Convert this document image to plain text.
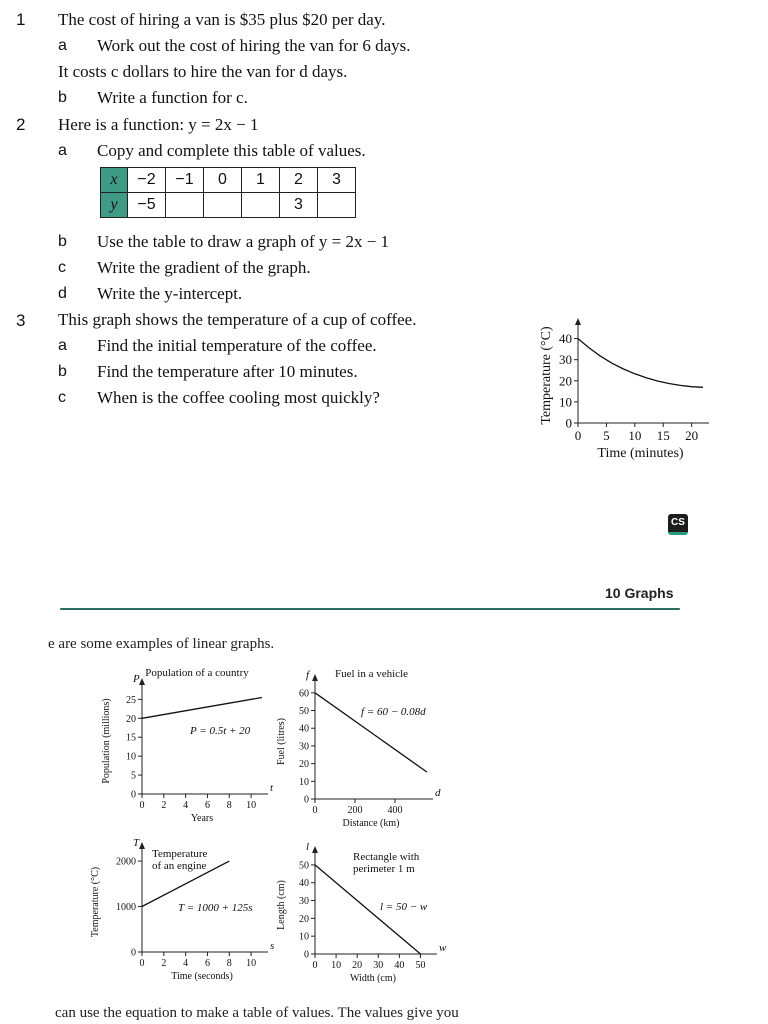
1 The cost of hiring a van is $35 plus $20 per day.
a Work out the cost of hiring the van for 6 days.
It costs c dollars to hire the van for d days.
b Write a function for c.
2 Here is a function: y = 2x − 1
a Copy and complete this table of values.
x	−2	−1	0	1	2	3
y	−5				3	
b Use the table to draw a graph of y = 2x − 1
c Write the gradient of the graph.
d Write the y-intercept.
3 This graph shows the temperature of a cup of coffee.
a Find the initial temperature of the coffee.
b Find the temperature after 10 minutes.
c When is the coffee cooling most quickly?
0 5 10 15 20
0
10
20
30
40
Time (minutes)
Temperature (°C)
0 2 4 6 8 10
0
5
10
15
20
25
Years
Population (millions)
P
t
Population of a country
P = 0.5t + 20
0	200	400
0
10
20
30
40
50
60
Distance (km)
Fuel (litres)
f
d
Fuel in a vehicle
f = 60 − 0.08d
0 2 4 6 8 10
0
1000
2000
Time (seconds)
Temperature (°C)
T
s
Temperature
of an engine
T = 1000 + 125s
0 10 20 30 40 50
0
10
20
30
40
50
Width (cm)
Length (cm)
l
w
Rectangle with
perimeter 1 m
l = 50 − w
CS
10 Graphs
e are some examples of linear graphs.
can use the equation to make a table of values. The values give you
